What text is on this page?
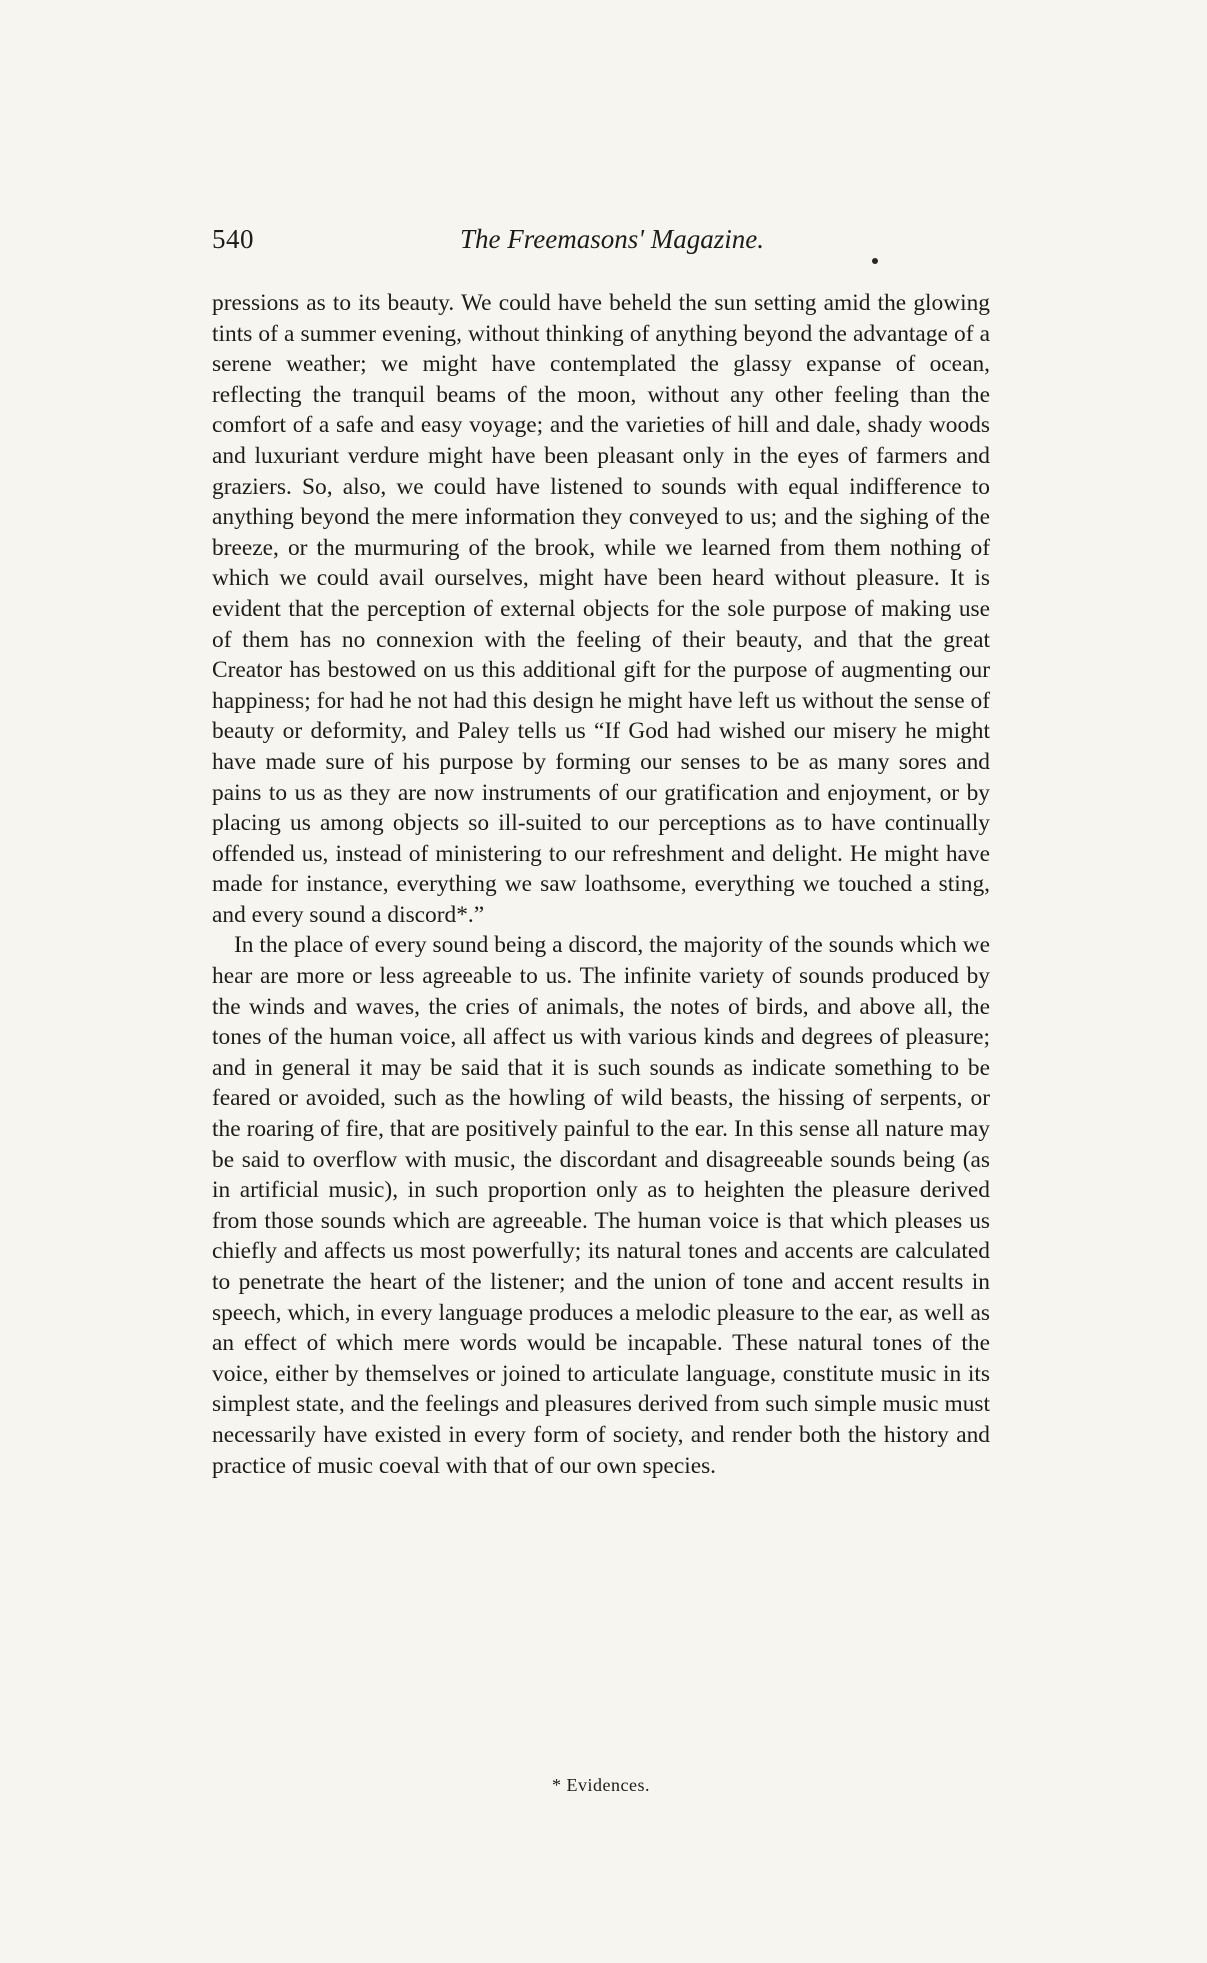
540	The Freemasons' Magazine.

pressions as to its beauty. We could have beheld the sun setting amid the glowing tints of a summer evening, without thinking of anything beyond the advantage of a serene weather; we might have contemplated the glassy expanse of ocean, reflecting the tranquil beams of the moon, without any other feeling than the comfort of a safe and easy voyage; and the varieties of hill and dale, shady woods and luxuriant verdure might have been pleasant only in the eyes of farmers and graziers. So, also, we could have listened to sounds with equal indifference to anything beyond the mere information they conveyed to us; and the sighing of the breeze, or the murmuring of the brook, while we learned from them nothing of which we could avail ourselves, might have been heard without pleasure. It is evident that the perception of external objects for the sole purpose of making use of them has no connexion with the feeling of their beauty, and that the great Creator has bestowed on us this additional gift for the purpose of augmenting our happiness; for had he not had this design he might have left us without the sense of beauty or deformity, and Paley tells us “If God had wished our misery he might have made sure of his purpose by forming our senses to be as many sores and pains to us as they are now instruments of our gratification and enjoyment, or by placing us among objects so ill-suited to our perceptions as to have continually offended us, instead of ministering to our refreshment and delight. He might have made for instance, everything we saw loathsome, everything we touched a sting, and every sound a discord*.”

In the place of every sound being a discord, the majority of the sounds which we hear are more or less agreeable to us. The infinite variety of sounds produced by the winds and waves, the cries of animals, the notes of birds, and above all, the tones of the human voice, all affect us with various kinds and degrees of pleasure; and in general it may be said that it is such sounds as indicate something to be feared or avoided, such as the howling of wild beasts, the hissing of serpents, or the roaring of fire, that are positively painful to the ear. In this sense all nature may be said to overflow with music, the discordant and disagreeable sounds being (as in artificial music), in such proportion only as to heighten the pleasure derived from those sounds which are agreeable. The human voice is that which pleases us chiefly and affects us most powerfully; its natural tones and accents are calculated to penetrate the heart of the listener; and the union of tone and accent results in speech, which, in every language produces a melodic pleasure to the ear, as well as an effect of which mere words would be incapable. These natural tones of the voice, either by themselves or joined to articulate language, constitute music in its simplest state, and the feelings and pleasures derived from such simple music must necessarily have existed in every form of society, and render both the history and practice of music coeval with that of our own species.

* Evidences.
